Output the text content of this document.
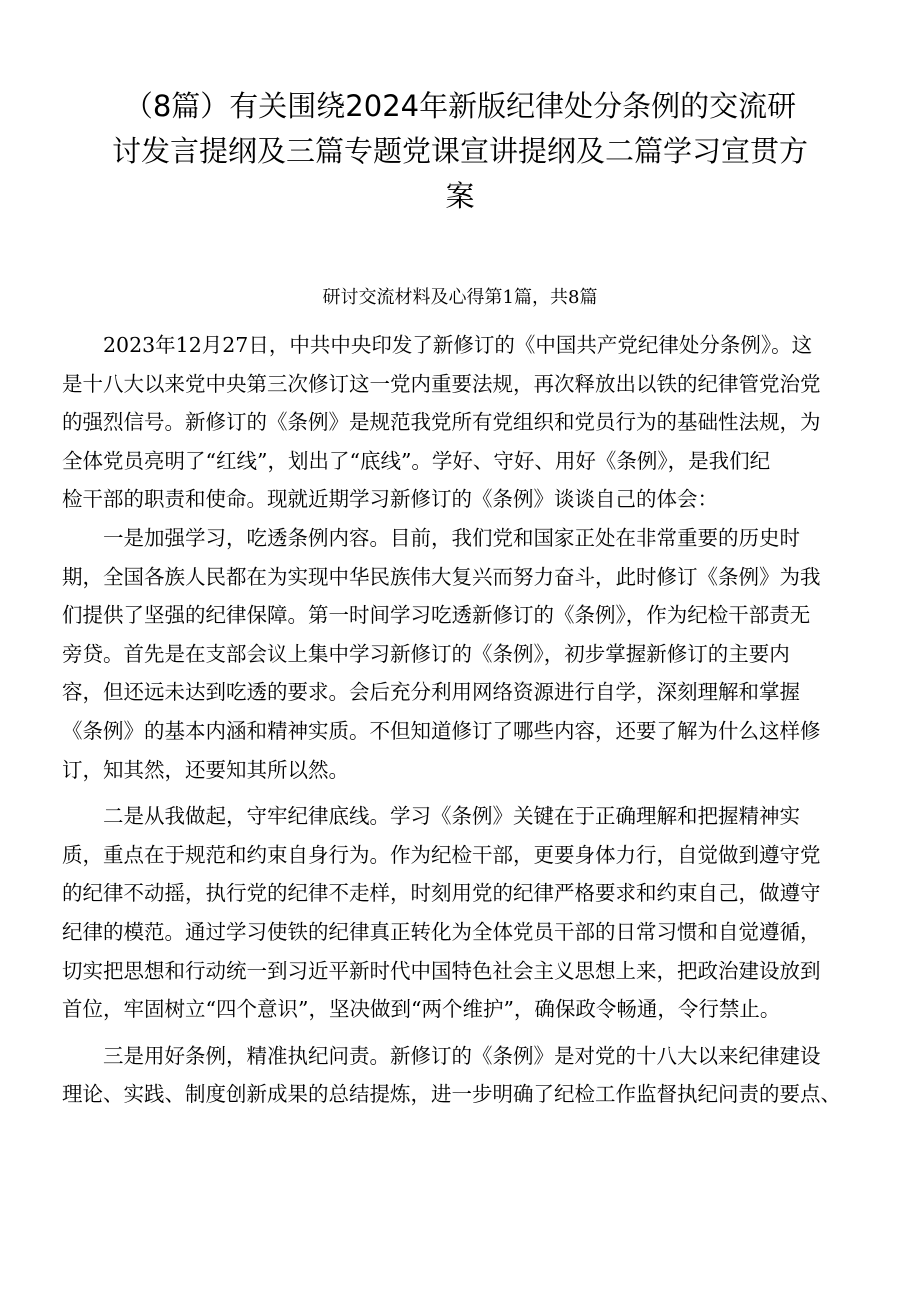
（8篇）有关围绕2024年新版纪律处分条例的交流研
讨发言提纲及三篇专题党课宣讲提纲及二篇学习宣贯方
案

研讨交流材料及心得第1篇，共8篇

2023年12月27日，中共中央印发了新修订的《中国共产党纪律处分条例》。这
是十八大以来党中央第三次修订这一党内重要法规，再次释放出以铁的纪律管党治党
的强烈信号。新修订的《条例》是规范我党所有党组织和党员行为的基础性法规，为
全体党员亮明了“红线”，划出了“底线”。学好、守好、用好《条例》，是我们纪
检干部的职责和使命。现就近期学习新修订的《条例》谈谈自己的体会：

一是加强学习，吃透条例内容。目前，我们党和国家正处在非常重要的历史时
期，全国各族人民都在为实现中华民族伟大复兴而努力奋斗，此时修订《条例》为我
们提供了坚强的纪律保障。第一时间学习吃透新修订的《条例》，作为纪检干部责无
旁贷。首先是在支部会议上集中学习新修订的《条例》，初步掌握新修订的主要内
容，但还远未达到吃透的要求。会后充分利用网络资源进行自学，深刻理解和掌握
《条例》的基本内涵和精神实质。不但知道修订了哪些内容，还要了解为什么这样修
订，知其然，还要知其所以然。

二是从我做起，守牢纪律底线。学习《条例》关键在于正确理解和把握精神实
质，重点在于规范和约束自身行为。作为纪检干部，更要身体力行，自觉做到遵守党
的纪律不动摇，执行党的纪律不走样，时刻用党的纪律严格要求和约束自己，做遵守
纪律的模范。通过学习使铁的纪律真正转化为全体党员干部的日常习惯和自觉遵循，
切实把思想和行动统一到习近平新时代中国特色社会主义思想上来，把政治建设放到
首位，牢固树立“四个意识”，坚决做到“两个维护”，确保政令畅通，令行禁止。

三是用好条例，精准执纪问责。新修订的《条例》是对党的十八大以来纪律建设
理论、实践、制度创新成果的总结提炼，进一步明确了纪检工作监督执纪问责的要点、
